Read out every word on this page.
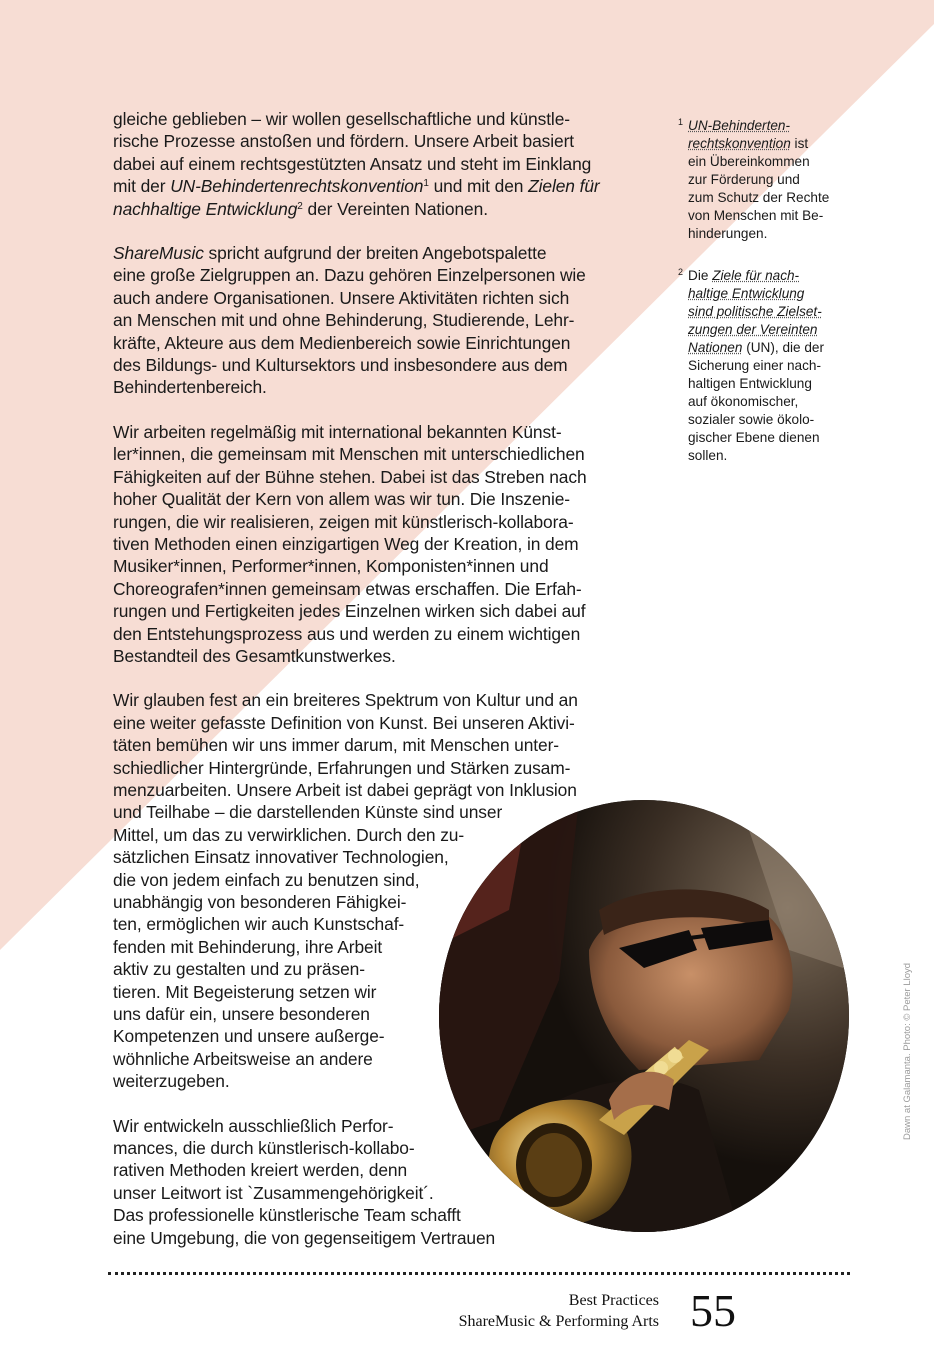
gleiche geblieben – wir wollen gesellschaftliche und künstle-
rische Prozesse anstoßen und fördern. Unsere Arbeit basiert
dabei auf einem rechtsgestützten Ansatz und steht im Einklang
mit der UN-Behindertenrechtskonvention$^1$ und mit den Zielen für
nachhaltige Entwicklung$^2$ der Vereinten Nationen.

ShareMusic spricht aufgrund der breiten Angebotspalette
eine große Zielgruppen an. Dazu gehören Einzelpersonen wie
auch andere Organisationen. Unsere Aktivitäten richten sich
an Menschen mit und ohne Behinderung, Studierende, Lehr-
kräfte, Akteure aus dem Medienbereich sowie Einrichtungen
des Bildungs- und Kultursektors und insbesondere aus dem
Behindertenbereich.

Wir arbeiten regelmäßig mit international bekannten Künst-
ler*innen, die gemeinsam mit Menschen mit unterschiedlichen
Fähigkeiten auf der Bühne stehen. Dabei ist das Streben nach
hoher Qualität der Kern von allem was wir tun. Die Inszenie-
rungen, die wir realisieren, zeigen mit künstlerisch-kollabora-
tiven Methoden einen einzigartigen Weg der Kreation, in dem
Musiker*innen, Performer*innen, Komponisten*innen und
Choreografen*innen gemeinsam etwas erschaffen. Die Erfah-
rungen und Fertigkeiten jedes Einzelnen wirken sich dabei auf
den Entstehungsprozess aus und werden zu einem wichtigen
Bestandteil des Gesamtkunstwerkes.

Wir glauben fest an ein breiteres Spektrum von Kultur und an
eine weiter gefasste Definition von Kunst. Bei unseren Aktivi-
täten bemühen wir uns immer darum, mit Menschen unter-
schiedlicher Hintergründe, Erfahrungen und Stärken zusam-
menzuarbeiten. Unsere Arbeit ist dabei geprägt von Inklusion
und Teilhabe – die darstellenden Künste sind unser
Mittel, um das zu verwirklichen. Durch den zu-
sätzlichen Einsatz innovativer Technologien,
die von jedem einfach zu benutzen sind,
unabhängig von besonderen Fähigkei-
ten, ermöglichen wir auch Kunstschaf-
fenden mit Behinderung, ihre Arbeit
aktiv zu gestalten und zu präsen-
tieren. Mit Begeisterung setzen wir
uns dafür ein, unsere besonderen
Kompetenzen und unsere außerge-
wöhnliche Arbeitsweise an andere
weiterzugeben.

Wir entwickeln ausschließlich Perfor-
mances, die durch künstlerisch-kollabo-
rativen Methoden kreiert werden, denn
unser Leitwort ist `Zusammengehörigkeit´.
Das professionelle künstlerische Team schafft
eine Umgebung, die von gegenseitigem Vertrauen

1 UN-Behinderten-
rechtskonvention ist
ein Übereinkommen
zur Förderung und
zum Schutz der Rechte
von Menschen mit Be-
hinderungen.
2 Die Ziele für nach-
haltige Entwicklung
sind politische Zielset-
zungen der Vereinten
Nationen (UN), die der
Sicherung einer nach-
haltigen Entwicklung
auf ökonomischer,
sozialer sowie ökolo-
gischer Ebene dienen
sollen.
Dawn at Galamanta. Photo: © Peter Lloyd
Best Practices
ShareMusic & Performing Arts 55
